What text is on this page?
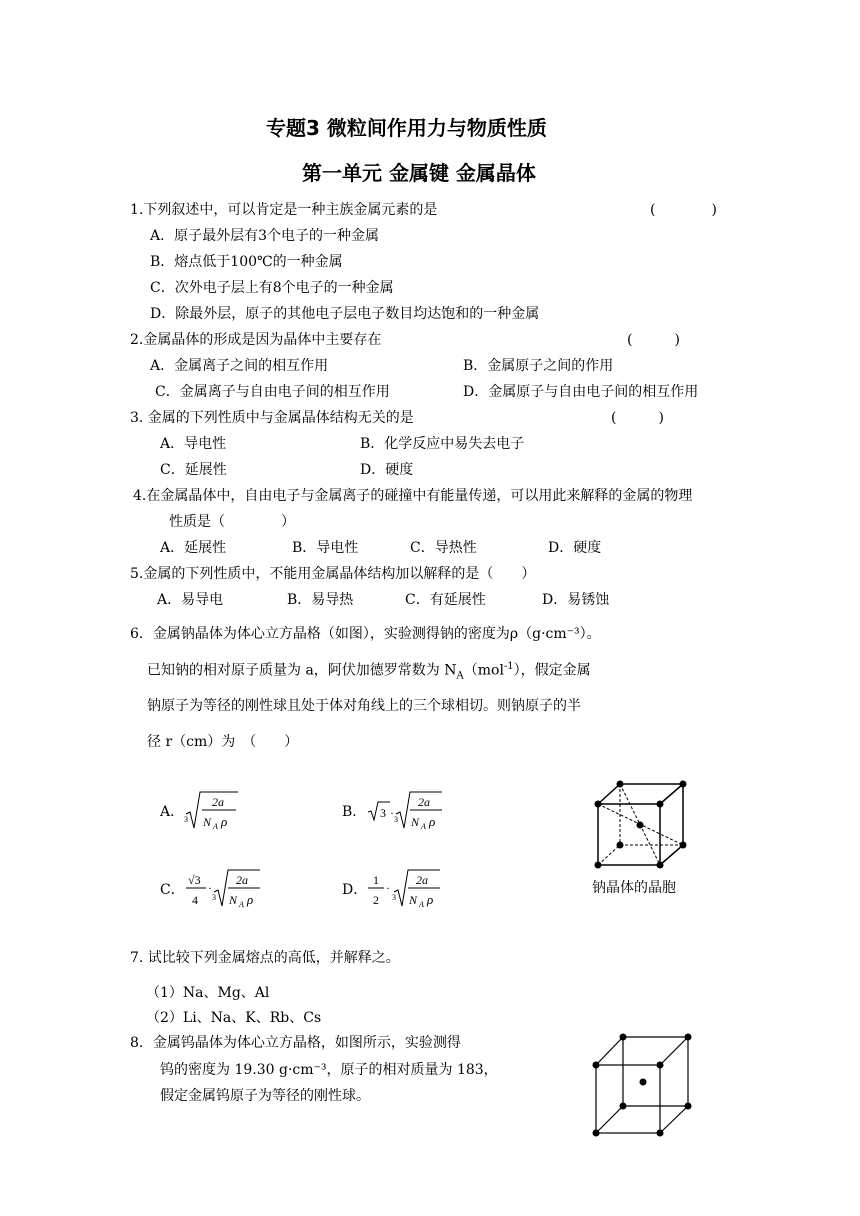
专题3 微粒间作用力与物质性质
第一单元 金属键 金属晶体
1.下列叙述中，可以肯定是一种主族金属元素的是	(　　　　)
A．原子最外层有3个电子的一种金属
B．熔点低于100℃的一种金属
C．次外电子层上有8个电子的一种金属
D．除最外层，原子的其他电子层电子数目均达饱和的一种金属
2.金属晶体的形成是因为晶体中主要存在	(　　　)
A．金属离子之间的相互作用	B．金属原子之间的作用
C．金属离子与自由电子间的相互作用	D．金属原子与自由电子间的相互作用
3. 金属的下列性质中与金属晶体结构无关的是	(　　　)
A．导电性	B．化学反应中易失去电子
C．延展性	D．硬度
4.在金属晶体中，自由电子与金属离子的碰撞中有能量传递，可以用此来解释的金属的物理
性质是（　　　　）
A．延展性	B．导电性	C．导热性	D．硬度
5.金属的下列性质中，不能用金属晶体结构加以解释的是（　　）
A．易导电	B．易导热	C．有延展性	D．易锈蚀
6．金属钠晶体为体心立方晶格（如图），实验测得钠的密度为ρ（g·cm⁻³）。
已知钠的相对原子质量为 a，阿伏加德罗常数为 $N_A(mol^{-1})$，假定金属
钠原子为等径的刚性球且处于体对角线上的三个球相切。则钠原子的半
径 r（cm）为　（　　）
A． 3
2a
N A ρ
B． 3 · 3
2a
N A ρ
C．
√3
4
·
3
2a
N A ρ
D．
1
2
·
3
2a
N A ρ
钠晶体的晶胞
7. 试比较下列金属熔点的高低，并解释之。
（1）Na、Mg、Al
（2）Li、Na、K、Rb、Cs
8．金属钨晶体为体心立方晶格，如图所示，实验测得
钨的密度为 19.30 g·cm⁻³，原子的相对质量为 183，
假定金属钨原子为等径的刚性球。
